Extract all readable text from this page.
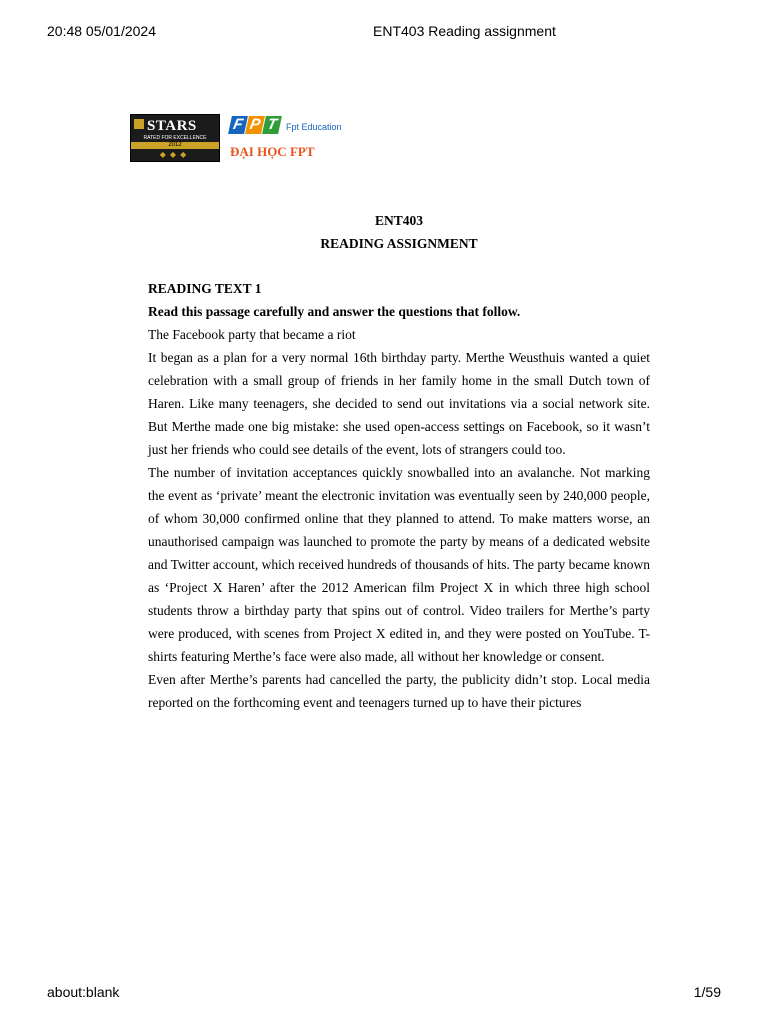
20:48 05/01/2024	ENT403 Reading assignment
STARS
RATED FOR EXCELLENCE
2012
◆◆◆
F P T Fpt Education
ĐẠI HỌC FPT
ENT403
READING ASSIGNMENT
READING TEXT 1
Read this passage carefully and answer the questions that follow.
The Facebook party that became a riot

It began as a plan for a very normal 16th birthday party. Merthe Weusthuis wanted a quiet celebration with a small group of friends in her family home in the small Dutch town of Haren. Like many teenagers, she decided to send out invitations via a social network site. But Merthe made one big mistake: she used open-access settings on Facebook, so it wasn’t just her friends who could see details of the event, lots of strangers could too.

The number of invitation acceptances quickly snowballed into an avalanche. Not marking the event as ‘private’ meant the electronic invitation was eventually seen by 240,000 people, of whom 30,000 confirmed online that they planned to attend. To make matters worse, an unauthorised campaign was launched to promote the party by means of a dedicated website and Twitter account, which received hundreds of thousands of hits. The party became known as ‘Project X Haren’ after the 2012 American film Project X in which three high school students throw a birthday party that spins out of control. Video trailers for Merthe’s party were produced, with scenes from Project X edited in, and they were posted on YouTube. T-shirts featuring Merthe’s face were also made, all without her knowledge or consent.

Even after Merthe’s parents had cancelled the party, the publicity didn’t stop. Local media reported on the forthcoming event and teenagers turned up to have their pictures

about:blank	1/59
